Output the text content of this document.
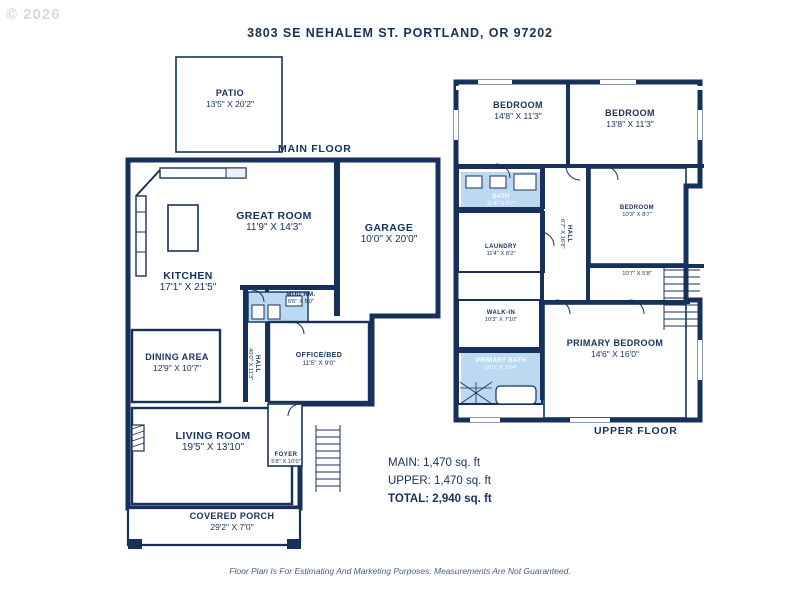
© 2026
3803 SE NEHALEM ST. PORTLAND, OR 97202
MAIN FLOOR
PATIO
13'5" X 20'2"
GREAT ROOM
11'9" X 14'3"	GARAGE
10'0" X 20'0"
KITCHEN
17'1" X 21'5"
MUD RM.
6'5" X 5'0"
DINING AREA
12'9" X 10'7"	HALL
40'0" X 11'3"	OFFICE/BED
11'5" X 9'0"
LIVING ROOM
19'5" X 13'10"
FOYER
5'8" X 10'0"
COVERED PORCH
29'2" X 7'0"
UPPER FLOOR
BEDROOM
14'8" X 11'3"	BEDROOM
13'8" X 11'3"
BATH
11'4" X 5'7"
BEDROOM
10'3" X 8'7"
LAUNDRY
11'4" X 8'2"
HALL
6'7" X 16'8"
HALL
10'7" X 5'8"
WALK-IN
10'3" X 7'10"
PRIMARY BATH
10'3" X 10'4"
PRIMARY BEDROOM
14'6" X 16'0"
MAIN: 1,470 sq. ft
UPPER: 1,470 sq. ft
TOTAL: 2,940 sq. ft
Floor Plan Is For Estimating And Marketing Purposes. Measurements Are Not Guaranteed.
